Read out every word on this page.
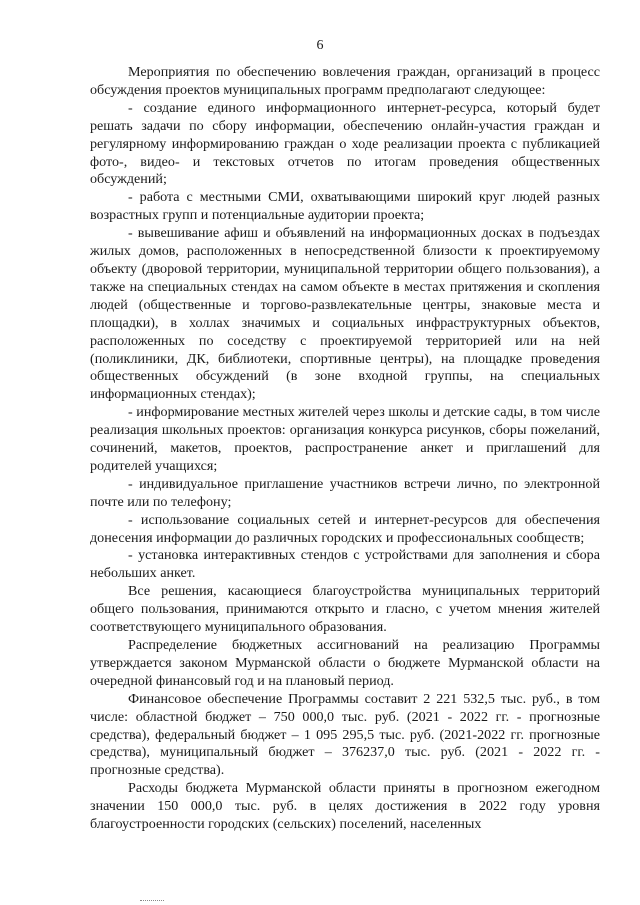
6

Мероприятия по обеспечению вовлечения граждан, организаций в процесс обсуждения проектов муниципальных программ предполагают следующее:

- создание единого информационного интернет-ресурса, который будет решать задачи по сбору информации, обеспечению онлайн-участия граждан и регулярному информированию граждан о ходе реализации проекта с публикацией фото-, видео- и текстовых отчетов по итогам проведения общественных обсуждений;

- работа с местными СМИ, охватывающими широкий круг людей разных возрастных групп и потенциальные аудитории проекта;

- вывешивание афиш и объявлений на информационных досках в подъездах жилых домов, расположенных в непосредственной близости к проектируемому объекту (дворовой территории, муниципальной территории общего пользования), а также на специальных стендах на самом объекте в местах притяжения и скопления людей (общественные и торгово-развлекательные центры, знаковые места и площадки), в холлах значимых и социальных инфраструктурных объектов, расположенных по соседству с проектируемой территорией или на ней (поликлиники, ДК, библиотеки, спортивные центры), на площадке проведения общественных обсуждений (в зоне входной группы, на специальных информационных стендах);

- информирование местных жителей через школы и детские сады, в том числе реализация школьных проектов: организация конкурса рисунков, сборы пожеланий, сочинений, макетов, проектов, распространение анкет и приглашений для родителей учащихся;

- индивидуальное приглашение участников встречи лично, по электронной почте или по телефону;

- использование социальных сетей и интернет-ресурсов для обеспечения донесения информации до различных городских и профессиональных сообществ;

- установка интерактивных стендов с устройствами для заполнения и сбора небольших анкет.

Все решения, касающиеся благоустройства муниципальных территорий общего пользования, принимаются открыто и гласно, с учетом мнения жителей соответствующего муниципального образования.

Распределение бюджетных ассигнований на реализацию Программы утверждается законом Мурманской области о бюджете Мурманской области на очередной финансовый год и на плановый период.

Финансовое обеспечение Программы составит 2 221 532,5 тыс. руб., в том числе: областной бюджет – 750 000,0 тыс. руб. (2021 - 2022 гг. - прогнозные средства), федеральный бюджет – 1 095 295,5 тыс. руб. (2021-2022 гг. прогнозные средства), муниципальный бюджет – 376237,0 тыс. руб. (2021 - 2022 гг. - прогнозные средства).

Расходы бюджета Мурманской области приняты в прогнозном ежегодном значении 150 000,0 тыс. руб. в целях достижения в 2022 году уровня благоустроенности городских (сельских) поселений, населенных
